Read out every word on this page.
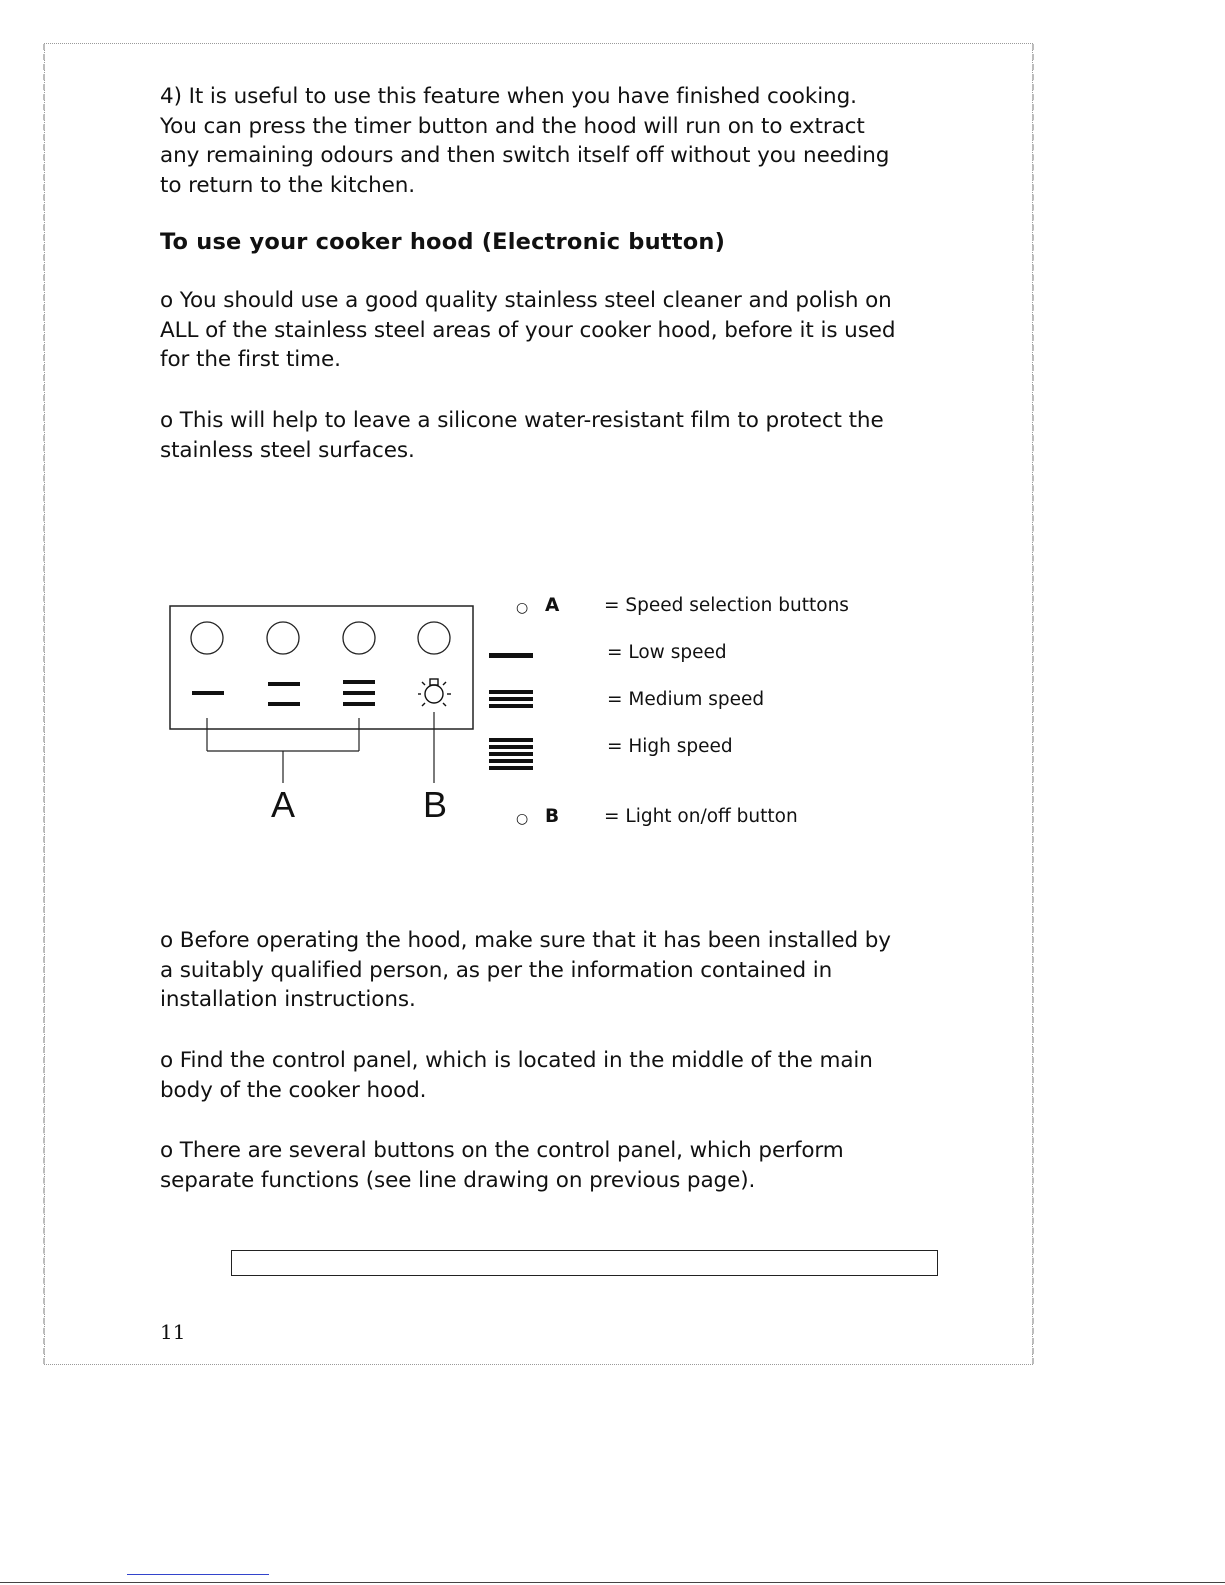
4) It is useful to use this feature when you have finished cooking.
You can press the timer button and the hood will run on to extract
any remaining odours and then switch itself off without you needing
to return to the kitchen.
To use your cooker hood (Electronic button)
o You should use a good quality stainless steel cleaner and polish on
ALL of the stainless steel areas of your cooker hood, before it is used
for the first time.
o This will help to leave a silicone water-resistant film to protect the
stainless steel surfaces.
A	B
○ A = Speed selection buttons
= Low speed
= Medium speed
= High speed
○ B = Light on/off button
o Before operating the hood, make sure that it has been installed by
a suitably qualified person, as per the information contained in
installation instructions.
o Find the control panel, which is located in the middle of the main
body of the cooker hood.
o There are several buttons on the control panel, which perform
separate functions (see line drawing on previous page).
11
